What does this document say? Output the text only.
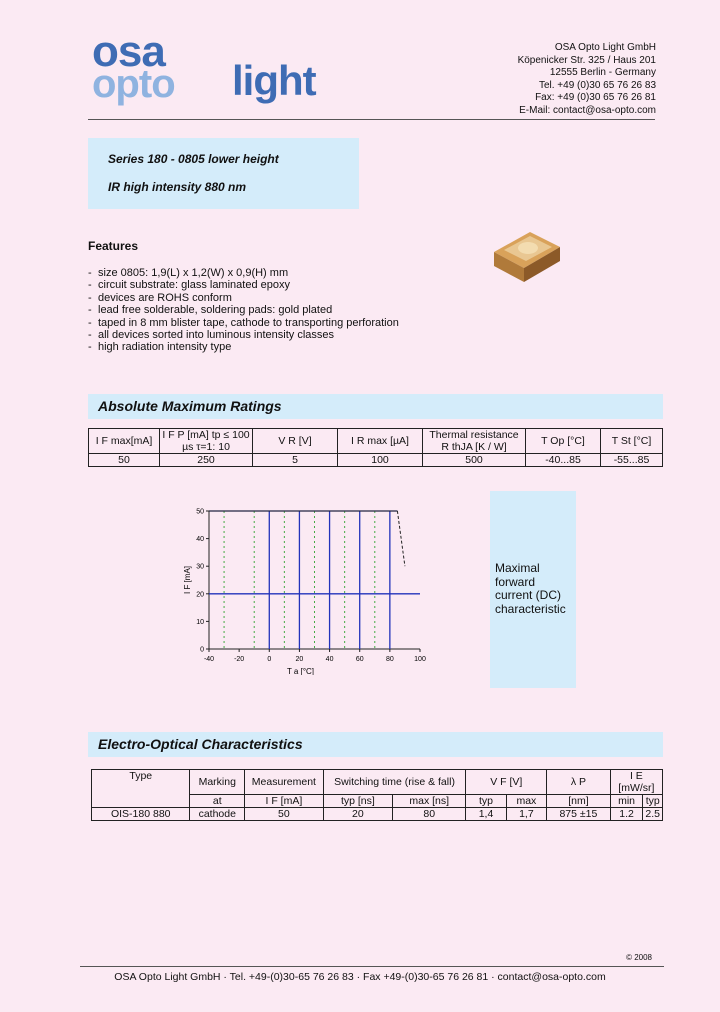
osa
opto light
OSA Opto Light GmbH
Köpenicker Str. 325 / Haus 201
12555 Berlin - Germany
Tel. +49 (0)30 65 76 26 83
Fax: +49 (0)30 65 76 26 81
E-Mail: contact@osa-opto.com
Series 180 - 0805 lower height
IR high intensity 880 nm
Features
- size 0805: 1,9(L) x 1,2(W) x 0,9(H) mm
- circuit substrate: glass laminated epoxy
- devices are ROHS conform
- lead free solderable, soldering pads: gold plated
- taped in 8 mm blister tape, cathode to transporting perforation
- all devices sorted into luminous intensity classes
- high radiation intensity type
Absolute Maximum Ratings
I F max[mA]	I F P [mA] tp ≤ 100 µs τ=1: 10	V R [V]	I R max [µA]	Thermal resistance R thJA [K / W]	T Op [°C]	T St [°C]
50	250	5	100	500	-40...85	-55...85
-40	-20	0	20	40	60	80	100
0
10
20
30
40
50
T a [°C]
I F [mA]	Maximal forward current (DC) characteristic
Electro-Optical Characteristics
Type	Marking	Measurement	Switching time (rise & fall)		V F [V]		λ P	I E [mW/sr]	
	at	I F [mA]	typ [ns]	max [ns]	typ	max	[nm]	min	typ
OIS-180 880	cathode	50	20	80	1,4	1,7	875 ±15	1.2	2.5
© 2008
OSA Opto Light GmbH · Tel. +49-(0)30-65 76 26 83 · Fax +49-(0)30-65 76 26 81 · contact@osa-opto.com
